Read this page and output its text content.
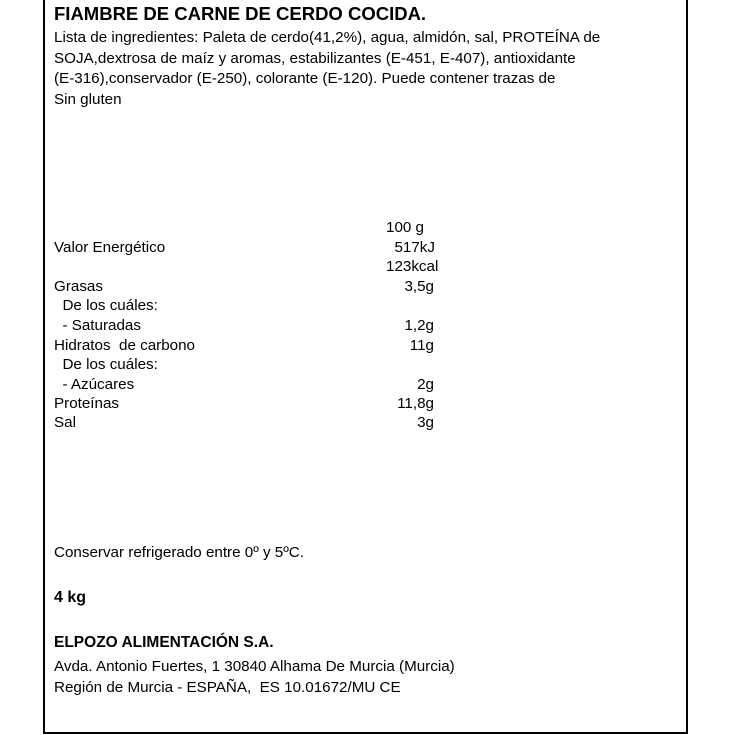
FIAMBRE DE CARNE DE CERDO COCIDA.
Lista de ingredientes: Paleta de cerdo(41,2%), agua, almidón, sal, PROTEÍNA de
SOJA,dextrosa de maíz y aromas, estabilizantes (E-451, E-407), antioxidante
(E-316),conservador (E-250), colorante (E-120). Puede contener trazas de
Sin gluten
100 g
Valor Energético	517kJ
123kcal
Grasas	3,5g
De los cuáles:
- Saturadas	1,2g
Hidratos  de carbono	11g
De los cuáles:
- Azúcares	2g
Proteínas	11,8g
Sal	3g
Conservar refrigerado entre 0º y 5ºC.
4 kg
ELPOZO ALIMENTACIÓN S.A.
Avda. Antonio Fuertes, 1 30840 Alhama De Murcia (Murcia)
Región de Murcia - ESPAÑA,  ES 10.01672/MU CE
